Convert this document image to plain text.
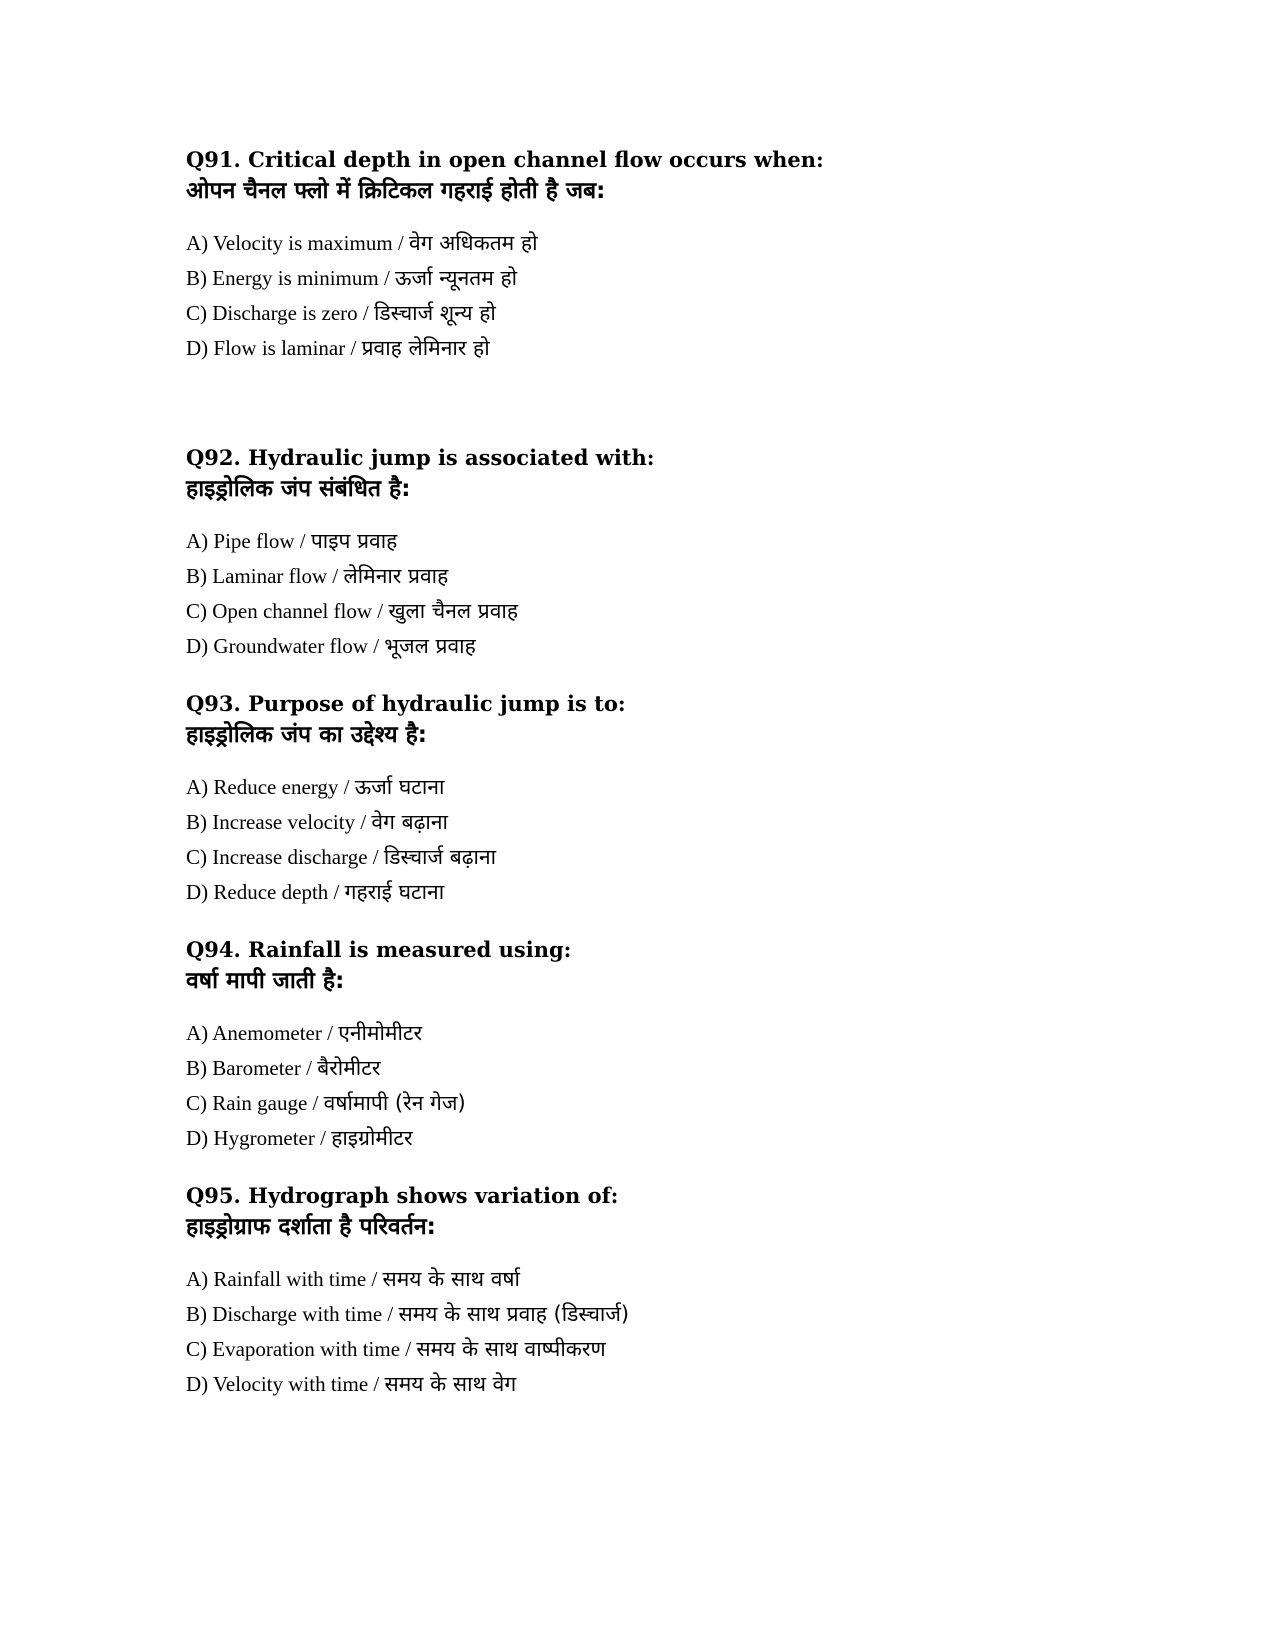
Q91. Critical depth in open channel flow occurs when:
ओपन चैनल फ्लो में क्रिटिकल गहराई होती है जब:
A) Velocity is maximum / वेग अधिकतम हो
B) Energy is minimum / ऊर्जा न्यूनतम हो
C) Discharge is zero / डिस्चार्ज शून्य हो
D) Flow is laminar / प्रवाह लेमिनार हो
Q92. Hydraulic jump is associated with:
हाइड्रोलिक जंप संबंधित है:
A) Pipe flow / पाइप प्रवाह
B) Laminar flow / लेमिनार प्रवाह
C) Open channel flow / खुला चैनल प्रवाह
D) Groundwater flow / भूजल प्रवाह
Q93. Purpose of hydraulic jump is to:
हाइड्रोलिक जंप का उद्देश्य है:
A) Reduce energy / ऊर्जा घटाना
B) Increase velocity / वेग बढ़ाना
C) Increase discharge / डिस्चार्ज बढ़ाना
D) Reduce depth / गहराई घटाना
Q94. Rainfall is measured using:
वर्षा मापी जाती है:
A) Anemometer / एनीमोमीटर
B) Barometer / बैरोमीटर
C) Rain gauge / वर्षामापी (रेन गेज)
D) Hygrometer / हाइग्रोमीटर
Q95. Hydrograph shows variation of:
हाइड्रोग्राफ दर्शाता है परिवर्तन:
A) Rainfall with time / समय के साथ वर्षा
B) Discharge with time / समय के साथ प्रवाह (डिस्चार्ज)
C) Evaporation with time / समय के साथ वाष्पीकरण
D) Velocity with time / समय के साथ वेग
